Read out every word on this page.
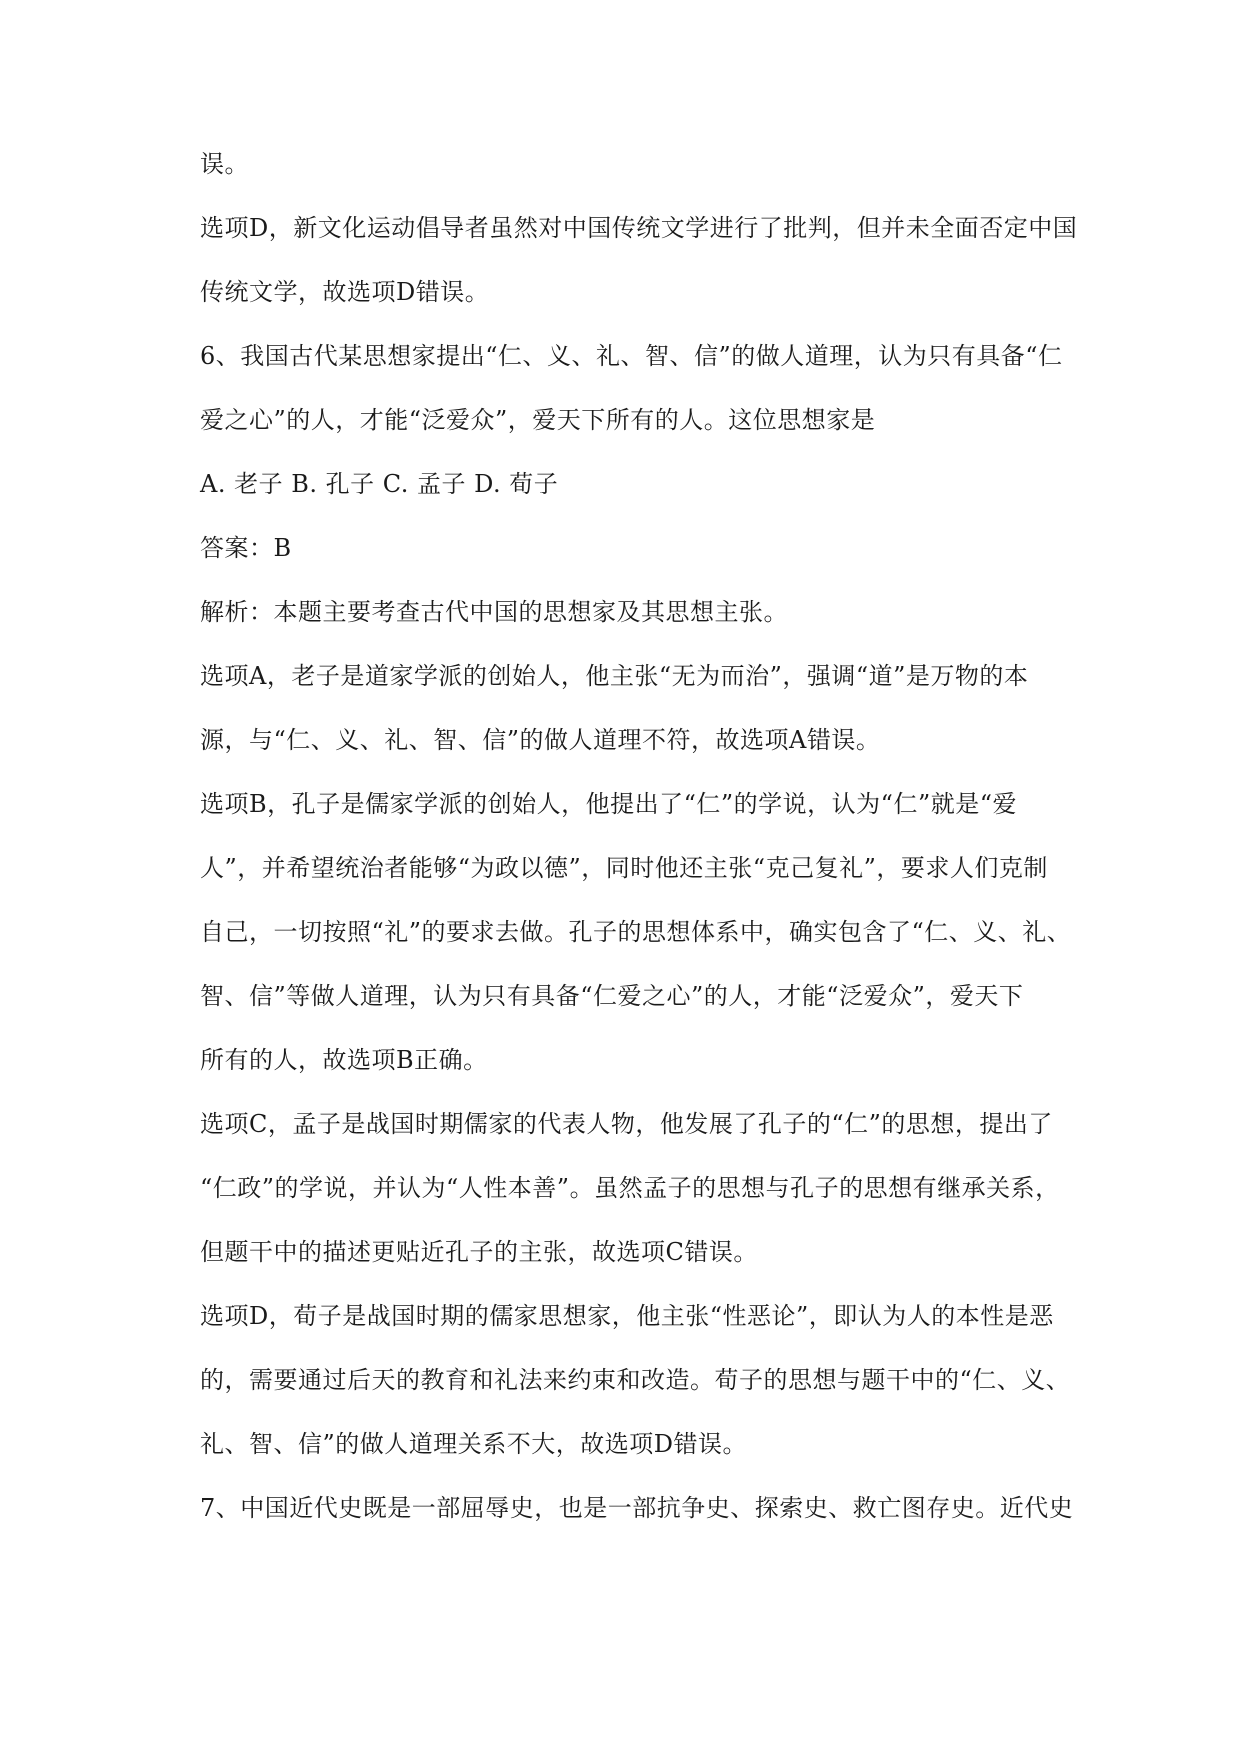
误。
选项D，新文化运动倡导者虽然对中国传统文学进行了批判，但并未全面否定中国
传统文学，故选项D错误。
6、我国古代某思想家提出“仁、义、礼、智、信”的做人道理，认为只有具备“仁
爱之心”的人，才能“泛爱众”，爱天下所有的人。这位思想家是
A. 老子 B. 孔子 C. 孟子 D. 荀子
答案：B
解析：本题主要考查古代中国的思想家及其思想主张。
选项A，老子是道家学派的创始人，他主张“无为而治”，强调“道”是万物的本
源，与“仁、义、礼、智、信”的做人道理不符，故选项A错误。
选项B，孔子是儒家学派的创始人，他提出了“仁”的学说，认为“仁”就是“爱
人”，并希望统治者能够“为政以德”，同时他还主张“克己复礼”，要求人们克制
自己，一切按照“礼”的要求去做。孔子的思想体系中，确实包含了“仁、义、礼、
智、信”等做人道理，认为只有具备“仁爱之心”的人，才能“泛爱众”，爱天下
所有的人，故选项B正确。
选项C，孟子是战国时期儒家的代表人物，他发展了孔子的“仁”的思想，提出了
“仁政”的学说，并认为“人性本善”。虽然孟子的思想与孔子的思想有继承关系，
但题干中的描述更贴近孔子的主张，故选项C错误。
选项D，荀子是战国时期的儒家思想家，他主张“性恶论”，即认为人的本性是恶
的，需要通过后天的教育和礼法来约束和改造。荀子的思想与题干中的“仁、义、
礼、智、信”的做人道理关系不大，故选项D错误。
7、中国近代史既是一部屈辱史，也是一部抗争史、探索史、救亡图存史。近代史
